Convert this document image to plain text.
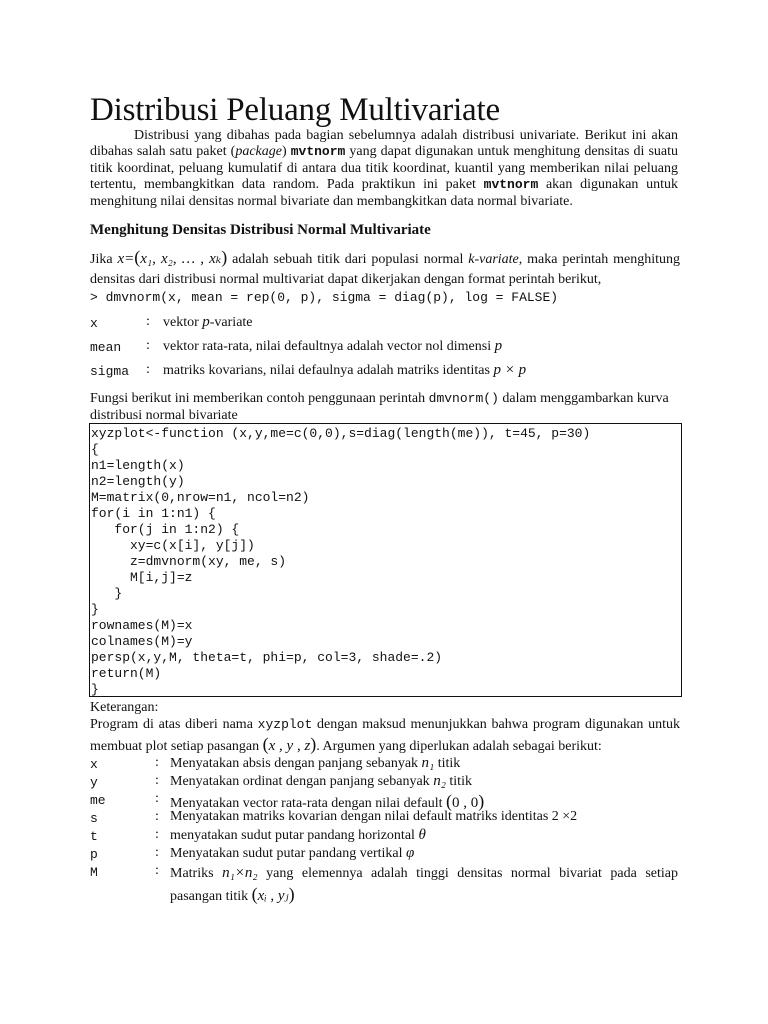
Distribusi Peluang Multivariate

Distribusi yang dibahas pada bagian sebelumnya adalah distribusi univariate. Berikut ini akan dibahas salah satu paket (package) mvtnorm yang dapat digunakan untuk menghitung densitas di suatu titik koordinat, peluang kumulatif di antara dua titik koordinat, kuantil yang memberikan nilai peluang tertentu, membangkitkan data random. Pada praktikun ini paket mvtnorm akan digunakan untuk menghitung nilai densitas normal bivariate dan membangkitkan data normal bivariate.

Menghitung Densitas Distribusi Normal Multivariate

Jika x=(x₁, x₂, … , xₖ) adalah sebuah titik dari populasi normal k-variate, maka perintah menghitung densitas dari distribusi normal multivariat dapat dikerjakan dengan format perintah berikut,

> dmvnorm(x, mean = rep(0, p), sigma = diag(p), log = FALSE)
x	: vektor p-variate
mean : vektor rata-rata, nilai defaultnya adalah vector nol dimensi p
sigma : matriks kovarians, nilai defaulnya adalah matriks identitas p × p

Fungsi berikut ini memberikan contoh penggunaan perintah dmvnorm() dalam menggambarkan kurva distribusi normal bivariate

xyzplot<-function (x,y,me=c(0,0),s=diag(length(me)), t=45, p=30)
{
n1=length(x)
n2=length(y)
M=matrix(0,nrow=n1, ncol=n2)
for(i in 1:n1) {
for(j in 1:n2) {
xy=c(x[i], y[j])
z=dmvnorm(xy, me, s)
M[i,j]=z
}
}
rownames(M)=x
colnames(M)=y
persp(x,y,M, theta=t, phi=p, col=3, shade=.2)
return(M)
}

Keterangan:

Program di atas diberi nama xyzplot dengan maksud menunjukkan bahwa program digunakan untuk membuat plot setiap pasangan (x , y , z). Argumen yang diperlukan adalah sebagai berikut:

x	: Menyatakan absis dengan panjang sebanyak n₁ titik
y	: Menyatakan ordinat dengan panjang sebanyak n₂ titik
me	: Menyatakan vector rata-rata dengan nilai default (0 , 0)
s	: Menyatakan matriks kovarian dengan nilai default matriks identitas 2 ×2
t	: menyatakan sudut putar pandang horizontal θ
p	: Menyatakan sudut putar pandang vertikal φ
M	: Matriks n₁×n₂ yang elemennya adalah tinggi densitas normal bivariat pada setiap pasangan titik (xᵢ , yⱼ)
